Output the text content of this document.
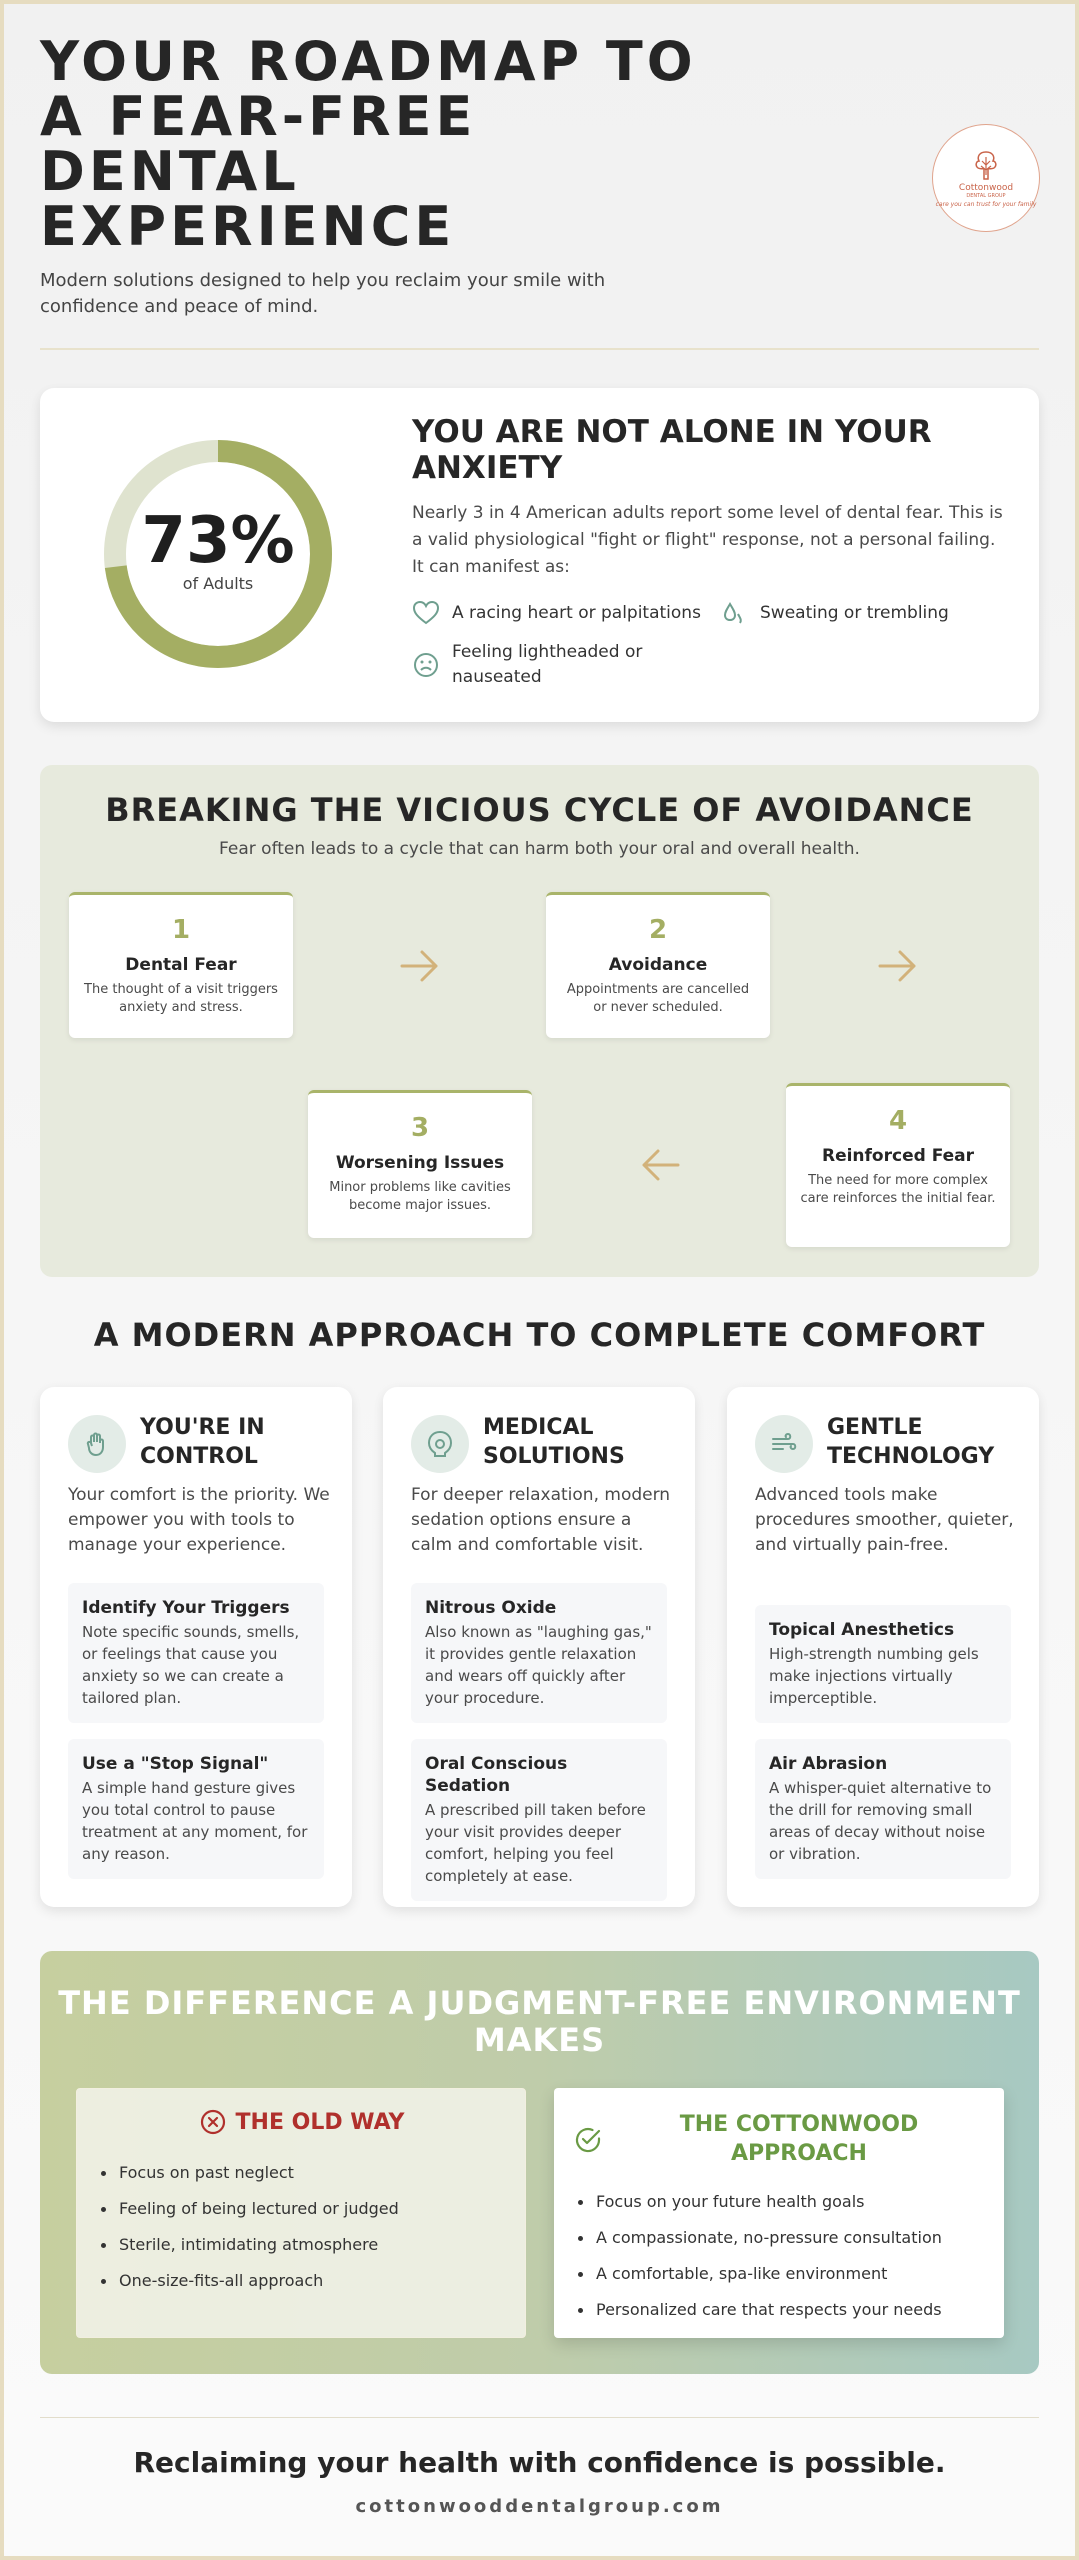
YOUR ROADMAP TO A FEAR-FREE DENTAL EXPERIENCE

Modern solutions designed to help you reclaim your smile with confidence and peace of mind.

Cottonwood
DENTAL GROUP
care you can trust for your family
73%
of Adults
YOU ARE NOT ALONE IN YOUR ANXIETY

Nearly 3 in 4 American adults report some level of dental fear. This is a valid physiological "fight or flight" response, not a personal failing. It can manifest as:

A racing heart or palpitations	Sweating or trembling
Feeling lightheaded or nauseated
BREAKING THE VICIOUS CYCLE OF AVOIDANCE

Fear often leads to a cycle that can harm both your oral and overall health.

1
Dental Fear
The thought of a visit triggers anxiety and stress.
2
Avoidance
Appointments are cancelled or never scheduled.
3
Worsening Issues
Minor problems like cavities become major issues.
4
Reinforced Fear
The need for more complex care reinforces the initial fear.
A MODERN APPROACH TO COMPLETE COMFORT
YOU'RE IN CONTROL

Your comfort is the priority. We empower you with tools to manage your experience.

Identify Your Triggers
Note specific sounds, smells, or feelings that cause you anxiety so we can create a tailored plan.
Use a "Stop Signal"
A simple hand gesture gives you total control to pause treatment at any moment, for any reason.
MEDICAL SOLUTIONS

For deeper relaxation, modern sedation options ensure a calm and comfortable visit.

Nitrous Oxide
Also known as "laughing gas," it provides gentle relaxation and wears off quickly after your procedure.
Oral Conscious Sedation
A prescribed pill taken before your visit provides deeper comfort, helping you feel completely at ease.
GENTLE TECHNOLOGY

Advanced tools make procedures smoother, quieter, and virtually pain-free.

Topical Anesthetics
High-strength numbing gels make injections virtually imperceptible.
Air Abrasion
A whisper-quiet alternative to the drill for removing small areas of decay without noise or vibration.
THE DIFFERENCE A JUDGMENT-FREE ENVIRONMENT MAKES
THE OLD WAY
Focus on past neglect
Feeling of being lectured or judged
Sterile, intimidating atmosphere
One-size-fits-all approach
THE COTTONWOOD APPROACH
Focus on your future health goals
A compassionate, no-pressure consultation
A comfortable, spa-like environment
Personalized care that respects your needs

Reclaiming your health with confidence is possible.

cottonwooddentalgroup.com
